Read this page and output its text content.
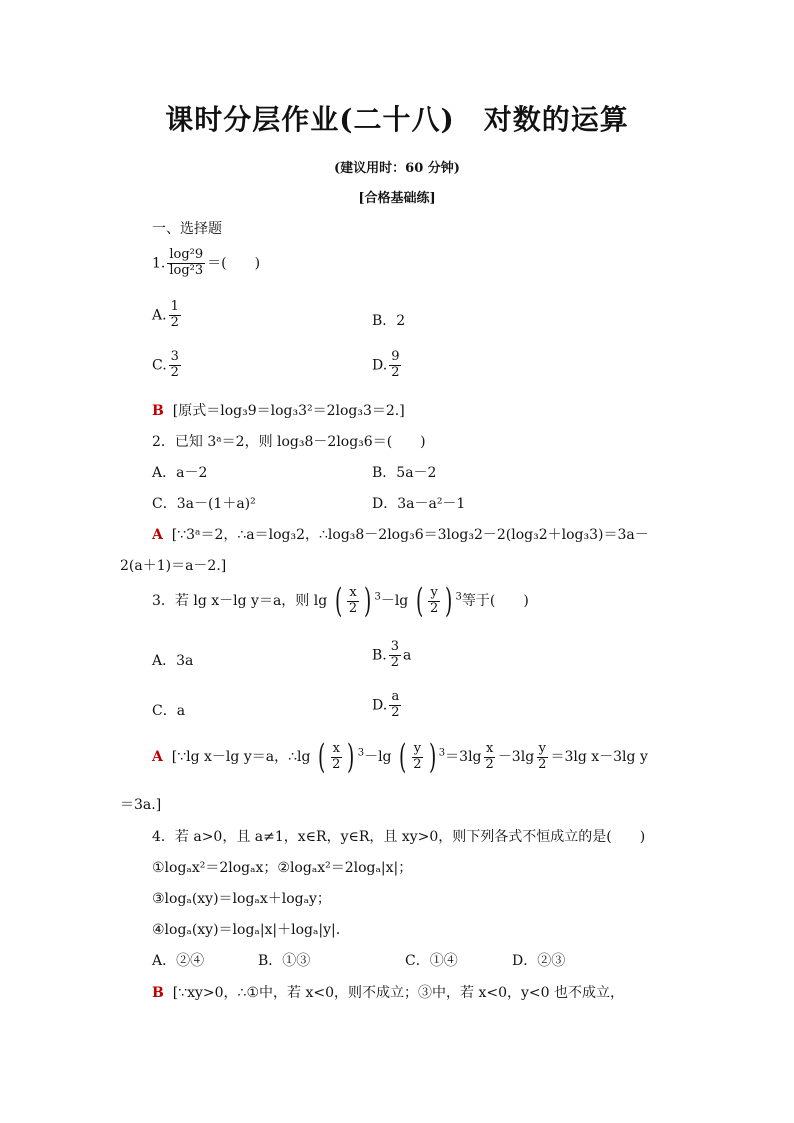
课时分层作业(二十八)　对数的运算
(建议用时：60 分钟)
[合格基础练]
一、选择题
1. $\frac{\text{log²9}}{\text{log²3}}$ ＝(　　)
A. $\frac{1}{2}$	B．2
C. $\frac{3}{2}$	D. $\frac{9}{2}$
B [原式＝log₃9＝log₃3²＝2log₃3＝2.]
2．已知 3ᵃ＝2，则 log₃8－2log₃6＝(　　)
A．a－2	B．5a－2
C．3a－(1＋a)²	D．3a－a²－1
A [∵3ᵃ＝2，∴a＝log₃2，∴log₃8－2log₃6＝3log₃2－2(log₃2＋log₃3)＝3a－
2(a＋1)＝a－2.]
3．若 lg x－lg y＝a，则 lg ( $\frac{x}{2}$ ) $^3$－lg ( $\frac{y}{2}$ ) $^3$等于(　　)
A．3a	B. $\frac{3}{2}$ a
C．a	D. $\frac{a}{2}$
A [∵lg x－lg y＝a，∴lg ( $\frac{x}{2}$ ) $^3$－lg ( $\frac{y}{2}$ ) $^3=3\lg \frac{x}{2} -3\lg \frac{y}{2} =3\lg$ x－3lg y
＝3a.]
4．若 a>0，且 a≠1，x∈R，y∈R，且 xy>0，则下列各式不恒成立的是(　　)
①logₐx²＝2logₐx；②logₐx²＝2logₐ|x|；
③logₐ(xy)＝logₐx＋logₐy；
④logₐ(xy)＝logₐ|x|＋logₐ|y|.
A．②④	B．①③	C．①④	D．②③
B [∵xy>0，∴①中，若 x<0，则不成立；③中，若 x<0，y<0 也不成立，
